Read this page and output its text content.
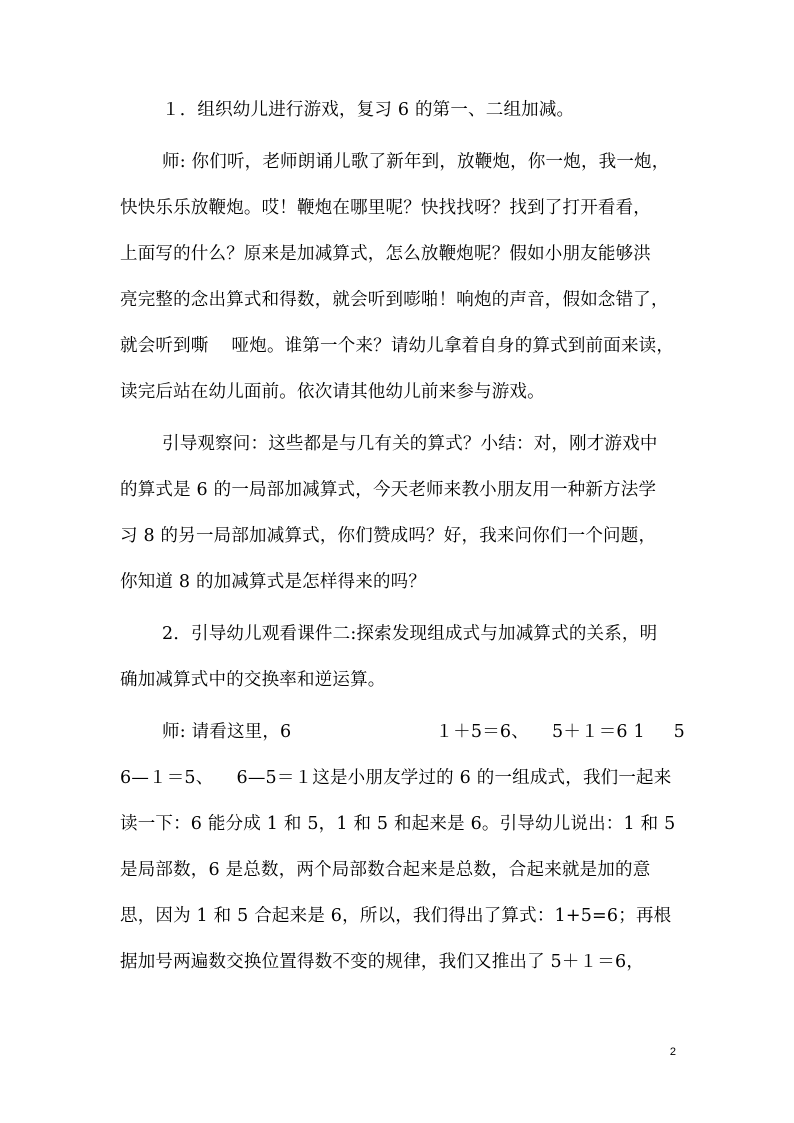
１．组织幼儿进行游戏，复习 6 的第一、二组加减。
师: 你们听，老师朗诵儿歌了新年到，放鞭炮，你一炮，我一炮，
快快乐乐放鞭炮。哎！鞭炮在哪里呢？快找找呀？找到了打开看看，
上面写的什么？原来是加减算式，怎么放鞭炮呢？假如小朋友能够洪
亮完整的念出算式和得数，就会听到嘭啪！响炮的声音，假如念错了，
就会听到嘶    哑炮。谁第一个来？请幼儿拿着自身的算式到前面来读，
读完后站在幼儿面前。依次请其他幼儿前来参与游戏。
引导观察问：这些都是与几有关的算式？小结：对，刚才游戏中
的算式是 6 的一局部加减算式，今天老师来教小朋友用一种新方法学
习 8 的另一局部加减算式，你们赞成吗？好，我来问你们一个问题，
你知道 8 的加减算式是怎样得来的吗？
2．引导幼儿观看课件二:探索发现组成式与加减算式的关系，明
确加减算式中的交换率和逆运算。
师: 请看这里，6                         １＋5＝6、    5＋１＝6 1     5
6—１＝5、    6—5＝１这是小朋友学过的 6 的一组成式，我们一起来
读一下：6 能分成 1 和 5，1 和 5 和起来是 6。引导幼儿说出：1 和 5
是局部数，6 是总数，两个局部数合起来是总数，合起来就是加的意
思，因为 1 和 5 合起来是 6，所以，我们得出了算式：1+5=6；再根
据加号两遍数交换位置得数不变的规律，我们又推出了 5＋１＝6，
2
